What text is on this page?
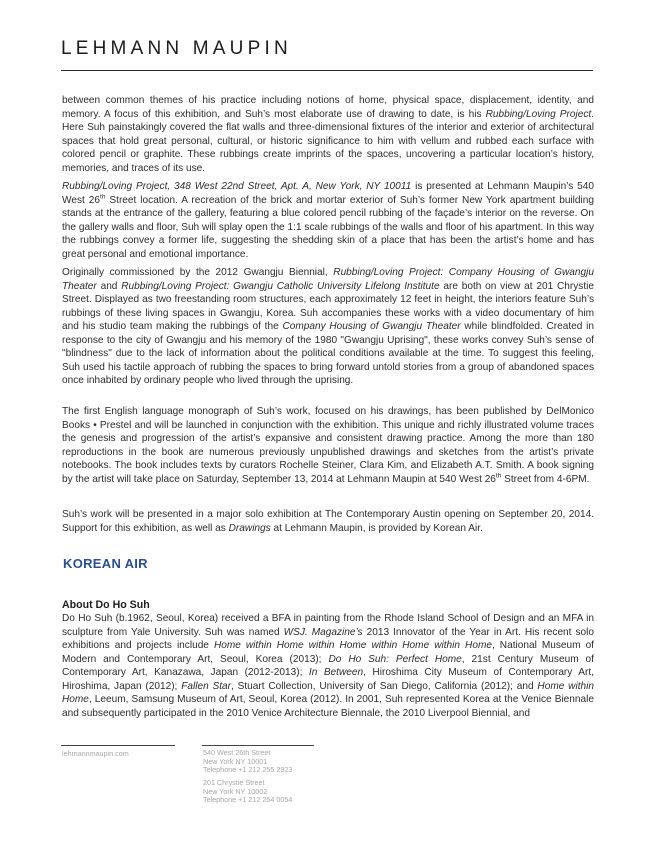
LEHMANN MAUPIN

between common themes of his practice including notions of home, physical space, displacement, identity, and memory. A focus of this exhibition, and Suh’s most elaborate use of drawing to date, is his Rubbing/Loving Project. Here Suh painstakingly covered the flat walls and three-dimensional fixtures of the interior and exterior of architectural spaces that hold great personal, cultural, or historic significance to him with vellum and rubbed each surface with colored pencil or graphite. These rubbings create imprints of the spaces, uncovering a particular location’s history, memories, and traces of its use.

Rubbing/Loving Project, 348 West 22nd Street, Apt. A, New York, NY 10011 is presented at Lehmann Maupin’s 540 West 26th Street location. A recreation of the brick and mortar exterior of Suh’s former New York apartment building stands at the entrance of the gallery, featuring a blue colored pencil rubbing of the façade’s interior on the reverse. On the gallery walls and floor, Suh will splay open the 1:1 scale rubbings of the walls and floor of his apartment. In this way the rubbings convey a former life, suggesting the shedding skin of a place that has been the artist’s home and has great personal and emotional importance.

Originally commissioned by the 2012 Gwangju Biennial, Rubbing/Loving Project: Company Housing of Gwangju Theater and Rubbing/Loving Project: Gwangju Catholic University Lifelong Institute are both on view at 201 Chrystie Street. Displayed as two freestanding room structures, each approximately 12 feet in height, the interiors feature Suh’s rubbings of these living spaces in Gwangju, Korea. Suh accompanies these works with a video documentary of him and his studio team making the rubbings of the Company Housing of Gwangju Theater while blindfolded. Created in response to the city of Gwangju and his memory of the 1980 "Gwangju Uprising", these works convey Suh’s sense of "blindness" due to the lack of information about the political conditions available at the time. To suggest this feeling, Suh used his tactile approach of rubbing the spaces to bring forward untold stories from a group of abandoned spaces once inhabited by ordinary people who lived through the uprising.

The first English language monograph of Suh’s work, focused on his drawings, has been published by DelMonico Books • Prestel and will be launched in conjunction with the exhibition. This unique and richly illustrated volume traces the genesis and progression of the artist’s expansive and consistent drawing practice. Among the more than 180 reproductions in the book are numerous previously unpublished drawings and sketches from the artist’s private notebooks. The book includes texts by curators Rochelle Steiner, Clara Kim, and Elizabeth A.T. Smith. A book signing by the artist will take place on Saturday, September 13, 2014 at Lehmann Maupin at 540 West 26th Street from 4-6PM.

Suh’s work will be presented in a major solo exhibition at The Contemporary Austin opening on September 20, 2014. Support for this exhibition, as well as Drawings at Lehmann Maupin, is provided by Korean Air.

KOREAN AIR
About Do Ho Suh

Do Ho Suh (b.1962, Seoul, Korea) received a BFA in painting from the Rhode Island School of Design and an MFA in sculpture from Yale University. Suh was named WSJ. Magazine’s 2013 Innovator of the Year in Art. His recent solo exhibitions and projects include Home within Home within Home within Home within Home, National Museum of Modern and Contemporary Art, Seoul, Korea (2013); Do Ho Suh: Perfect Home, 21st Century Museum of Contemporary Art, Kanazawa, Japan (2012-2013); In Between, Hiroshima City Museum of Contemporary Art, Hiroshima, Japan (2012); Fallen Star, Stuart Collection, University of San Diego, California (2012); and Home within Home, Leeum, Samsung Museum of Art, Seoul, Korea (2012). In 2001, Suh represented Korea at the Venice Biennale and subsequently participated in the 2010 Venice Architecture Biennale, the 2010 Liverpool Biennial, and

lehmannmaupin.com	540 West 26th Street
New York NY 10001
Telephone +1 212 255 2923

201 Chrystie Street
New York NY 10002
Telephone +1 212 254 0054
